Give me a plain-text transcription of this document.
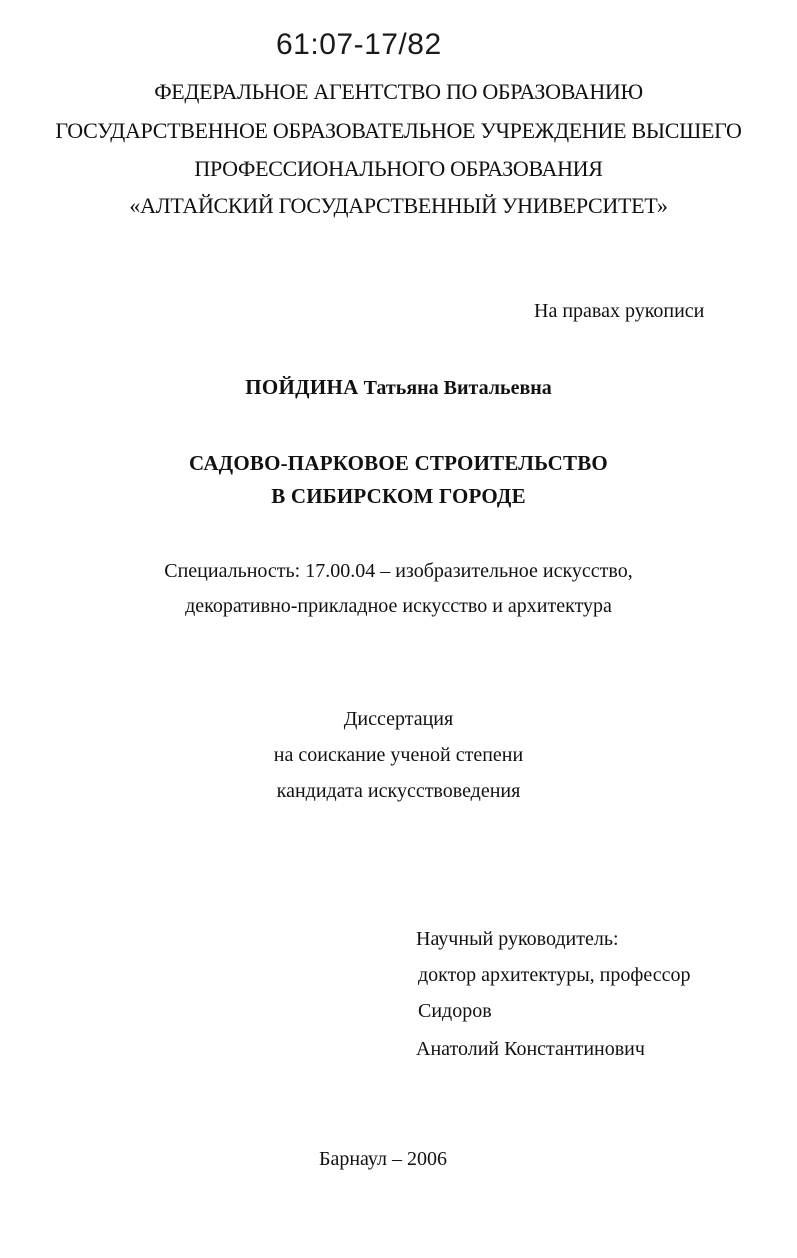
61:07-17/82
ФЕДЕРАЛЬНОЕ АГЕНТСТВО ПО ОБРАЗОВАНИЮ
ГОСУДАРСТВЕННОЕ ОБРАЗОВАТЕЛЬНОЕ УЧРЕЖДЕНИЕ ВЫСШЕГО
ПРОФЕССИОНАЛЬНОГО ОБРАЗОВАНИЯ
«АЛТАЙСКИЙ ГОСУДАРСТВЕННЫЙ УНИВЕРСИТЕТ»
На правах рукописи
ПОЙДИНА Татьяна Витальевна
САДОВО-ПАРКОВОЕ СТРОИТЕЛЬСТВО
В СИБИРСКОМ ГОРОДЕ
Специальность: 17.00.04 – изобразительное искусство,
декоративно-прикладное искусство и архитектура
Диссертация
на соискание ученой степени
кандидата искусствоведения
Научный руководитель:
доктор архитектуры, профессор
Сидоров
Анатолий Константинович
Барнаул – 2006
